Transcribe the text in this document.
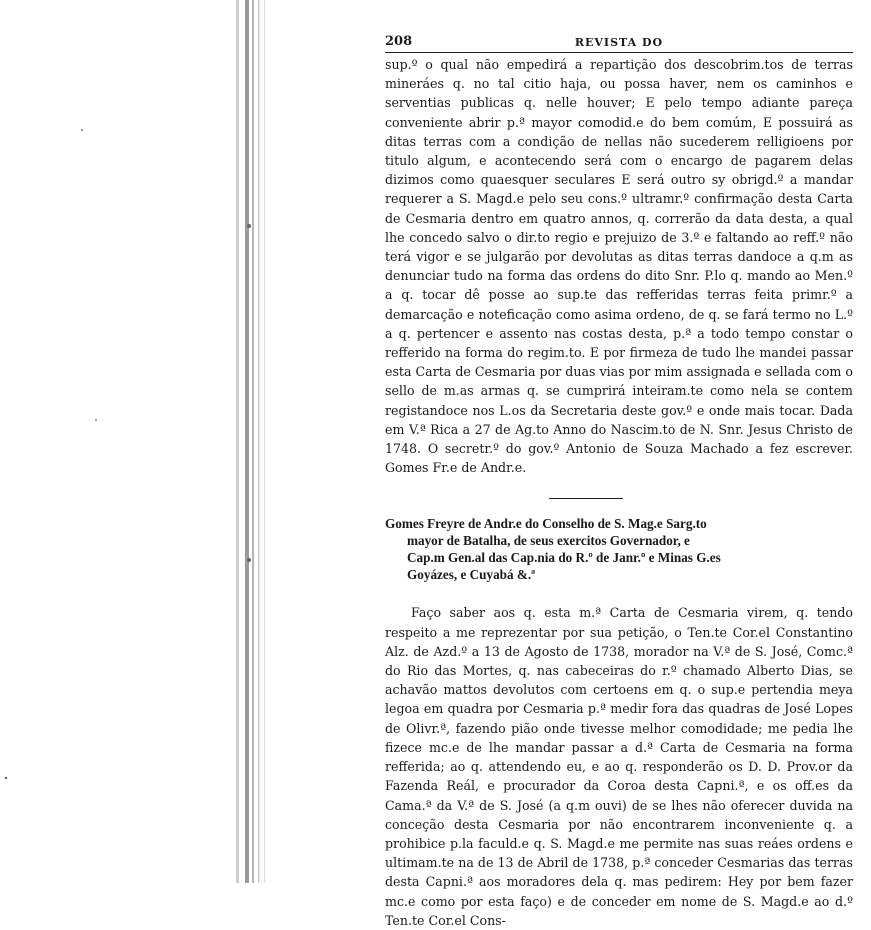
208	REVISTA DO

sup.º o qual não empedirá a repartição dos descobrim.tos de terras mineráes q. no tal citio haja, ou possa haver, nem os caminhos e serventias publicas q. nelle houver; E pelo tempo adiante pareça conveniente abrir p.ª mayor comodid.e do bem comúm, E possuirá as ditas terras com a condição de nellas não sucederem relligioens por titulo algum, e acontecendo será com o encargo de pagarem delas dizimos como quaesquer seculares E será outro sy obrigd.º a mandar requerer a S. Magd.e pelo seu cons.º ultramr.º confirmação desta Carta de Cesmaria dentro em quatro annos, q. correrão da data desta, a qual lhe concedo salvo o dir.to regio e prejuizo de 3.º e faltando ao reff.º não terá vigor e se julgarão por devolutas as ditas terras dandoce a q.m as denunciar tudo na forma das ordens do dito Snr. P.lo q. mando ao Men.º a q. tocar dê posse ao sup.te das refferidas terras feita primr.º a demarcação e noteficação como asima ordeno, de q. se fará termo no L.º a q. pertencer e assento nas costas desta, p.ª a todo tempo constar o refferido na forma do regim.to. E por firmeza de tudo lhe mandei passar esta Carta de Cesmaria por duas vias por mim assignada e sellada com o sello de m.as armas q. se cumprirá inteiram.te como nela se contem registandoce nos L.os da Secretaria deste gov.º e onde mais tocar. Dada em V.ª Rica a 27 de Ag.to Anno do Nascim.to de N. Snr. Jesus Christo de 1748. O secretr.º do gov.º Antonio de Souza Machado a fez escrever. Gomes Fr.e de Andr.e.

Gomes Freyre de Andr.e do Conselho de S. Mag.e Sarg.to
mayor de Batalha, de seus exercitos Governador, e
Cap.m Gen.al das Cap.nia do R.º de Janr.º e Minas G.es
Goyázes, e Cuyabá &.ª

Faço saber aos q. esta m.ª Carta de Cesmaria virem, q. tendo respeito a me reprezentar por sua petição, o Ten.te Cor.el Constantino Alz. de Azd.º a 13 de Agosto de 1738, morador na V.ª de S. José, Comc.ª do Rio das Mortes, q. nas cabeceiras do r.º chamado Alberto Dias, se achavão mattos devolutos com certoens em q. o sup.e pertendia meya legoa em quadra por Cesmaria p.ª medir fora das quadras de José Lopes de Olivr.ª, fazendo pião onde tivesse melhor comodidade; me pedia lhe fizece mc.e de lhe mandar passar a d.ª Carta de Cesmaria na forma refferida; ao q. attendendo eu, e ao q. responderão os D. D. Prov.or da Fazenda Reál, e procurador da Coroa desta Capni.ª, e os off.es da Cama.ª da V.ª de S. José (a q.m ouvi) de se lhes não oferecer duvida na conceção desta Cesmaria por não encontrarem inconveniente q. a prohibice p.la faculd.e q. S. Magd.e me permite nas suas reáes ordens e ultimam.te na de 13 de Abril de 1738, p.ª conceder Cesmarias das terras desta Capni.ª aos moradores dela q. mas pedirem: Hey por bem fazer mc.e como por esta faço) e de conceder em nome de S. Magd.e ao d.º Ten.te Cor.el Cons-
